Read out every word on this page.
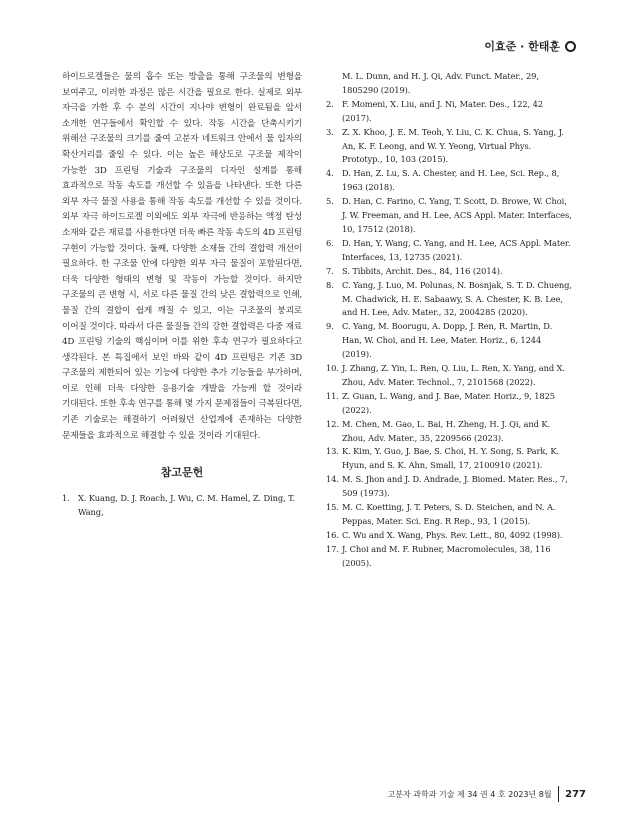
이효준 · 한태훈

하이드로겔들은 물의 흡수 또는 방출을 통해 구조물의 변형을 보여주고, 이러한 과정은 많은 시간을 필요로 한다. 실제로 외부 자극을 가한 후 수 분의 시간이 지나야 변형이 완료됨을 앞서 소개한 연구들에서 확인할 수 있다. 작동 시간을 단축시키기 위해선 구조물의 크기를 줄여 고분자 네트워크 안에서 물 입자의 확산거리를 줄일 수 있다. 이는 높은 해상도로 구조물 제작이 가능한 3D 프린팅 기술과 구조물의 디자인 설계를 통해 효과적으로 작동 속도를 개선할 수 있음을 나타낸다. 또한 다른 외부 자극 물질 사용을 통해 작동 속도를 개선할 수 있을 것이다. 외부 자극 하이드로겔 이외에도 외부 자극에 반응하는 액정 탄성 소재와 같은 재료를 사용한다면 더욱 빠른 작동 속도의 4D 프린팅 구현이 가능할 것이다. 둘째, 다양한 소재들 간의 결합력 개선이 필요하다. 한 구조물 안에 다양한 외부 자극 물질이 포함된다면, 더욱 다양한 형태의 변형 및 작동이 가능할 것이다. 하지만 구조물의 큰 변형 시, 서로 다른 물질 간의 낮은 결합력으로 인해, 물질 간의 결합이 쉽게 깨질 수 있고, 이는 구조물의 붕괴로 이어질 것이다. 따라서 다른 물질들 간의 강한 결합력은 다중 재료 4D 프린팅 기술의 핵심이며 이를 위한 후속 연구가 필요하다고 생각된다. 본 특집에서 보인 바와 같이 4D 프린팅은 기존 3D 구조물의 제한되어 있는 기능에 다양한 추가 기능들을 부가하며, 이로 인해 더욱 다양한 응용기술 개발을 가능케 할 것이라 기대된다. 또한 후속 연구를 통해 몇 가지 문제점들이 극복된다면, 기존 기술로는 해결하기 어려웠던 산업계에 존재하는 다양한 문제들을 효과적으로 해결할 수 있을 것이라 기대된다.

참고문헌
1. X. Kuang, D. J. Roach, J. Wu, C. M. Hamel, Z. Ding, T. Wang,
M. L. Dunn, and H. J. Qi, Adv. Funct. Mater., 29, 1805290 (2019).
2. F. Momeni, X. Liu, and J. Ni, Mater. Des., 122, 42 (2017).
3. Z. X. Khoo, J. E. M. Teoh, Y. Liu, C. K. Chua, S. Yang, J. An, K. F. Leong, and W. Y. Yeong, Virtual Phys. Prototyp., 10, 103 (2015).
4. D. Han, Z. Lu, S. A. Chester, and H. Lee, Sci. Rep., 8, 1963 (2018).
5. D. Han, C. Farino, C. Yang, T. Scott, D. Browe, W. Choi, J. W. Freeman, and H. Lee, ACS Appl. Mater. Interfaces, 10, 17512 (2018).
6. D. Han, Y. Wang, C. Yang, and H. Lee, ACS Appl. Mater. Interfaces, 13, 12735 (2021).
7. S. Tibbits, Archit. Des., 84, 116 (2014).
8. C. Yang, J. Luo, M. Polunas, N. Bosnjak, S. T. D. Chueng, M. Chadwick, H. E. Sabaawy, S. A. Chester, K. B. Lee, and H. Lee, Adv. Mater., 32, 2004285 (2020).
9. C. Yang, M. Boorugu, A. Dopp, J. Ren, R. Martin, D. Han, W. Choi, and H. Lee, Mater. Horiz., 6, 1244 (2019).
10. J. Zhang, Z. Yin, L. Ren, Q. Liu, L. Ren, X. Yang, and X. Zhou, Adv. Mater. Technol., 7, 2101568 (2022).
11. Z. Guan, L. Wang, and J. Bae, Mater. Horiz., 9, 1825 (2022).
12. M. Chen, M. Gao, L. Bai, H. Zheng, H. J. Qi, and K. Zhou, Adv. Mater., 35, 2209566 (2023).
13. K. Kim, Y. Guo, J. Bae, S. Choi, H. Y. Song, S. Park, K. Hyun, and S. K. Ahn, Small, 17, 2100910 (2021).
14. M. S. Jhon and J. D. Andrade, J. Biomed. Mater. Res., 7, 509 (1973).
15. M. C. Koetting, J. T. Peters, S. D. Steichen, and N. A. Peppas, Mater. Sci. Eng. R Rep., 93, 1 (2015).
16. C. Wu and X. Wang, Phys. Rev. Lett., 80, 4092 (1998).
17. J. Choi and M. F. Rubner, Macromolecules, 38, 116 (2005).
고분자 과학과 기술 제 34 권 4 호 2023년 8월 277
